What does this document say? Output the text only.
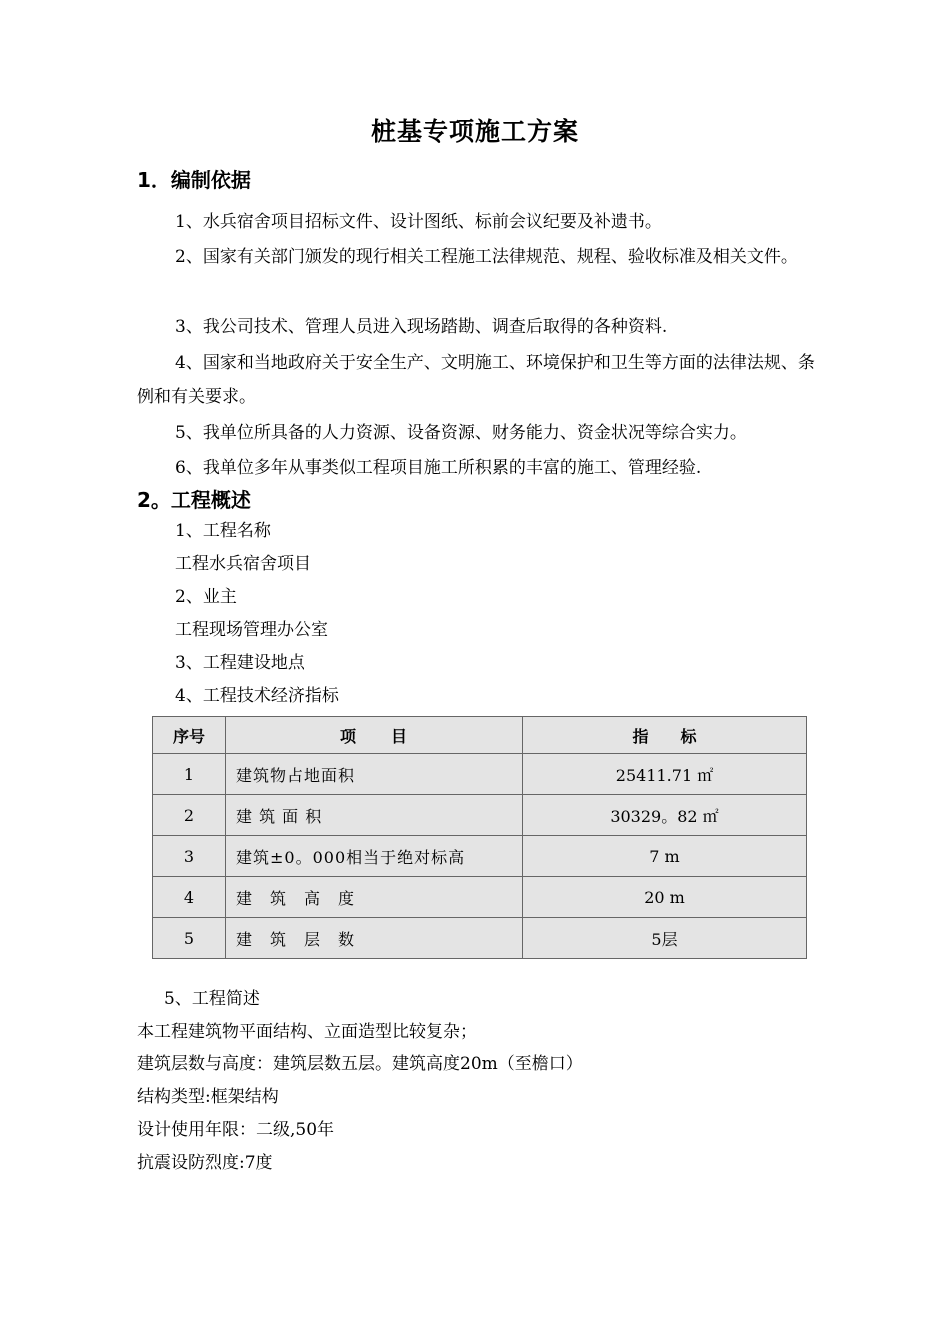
桩基专项施工方案
1．编制依据
1、水兵宿舍项目招标文件、设计图纸、标前会议纪要及补遗书。
2、国家有关部门颁发的现行相关工程施工法律规范、规程、验收标准及相关文件。
3、我公司技术、管理人员进入现场踏勘、调查后取得的各种资料.
4、国家和当地政府关于安全生产、文明施工、环境保护和卫生等方面的法律法规、条例和有关要求。
5、我单位所具备的人力资源、设备资源、财务能力、资金状况等综合实力。
6、我单位多年从事类似工程项目施工所积累的丰富的施工、管理经验.
2。工程概述
1、工程名称
工程水兵宿舍项目
2、业主
工程现场管理办公室
3、工程建设地点
4、工程技术经济指标
序号	项　　目	指　　标
1	建筑物占地面积	25411.71 ㎡
2	建 筑 面 积	30329。82 ㎡
3	建筑±0。000相当于绝对标高	7 m
4	建　筑　高　度	20 m
5	建　筑　层　数	5层
5、工程简述
本工程建筑物平面结构、立面造型比较复杂；
建筑层数与高度：建筑层数五层。建筑高度20m（至檐口）
结构类型:框架结构
设计使用年限：二级,50年
抗震设防烈度:7度
